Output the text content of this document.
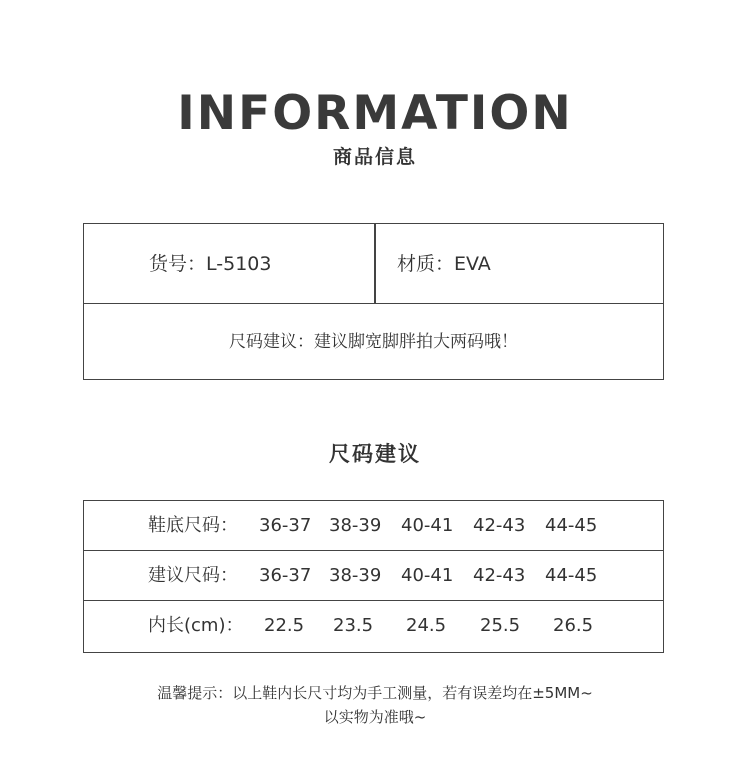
INFORMATION
商品信息
货号：L-5103	材质：EVA
尺码建议：建议脚宽脚胖拍大两码哦！
尺码建议
鞋底尺码： 36-37 38-39 40-41 42-43 44-45
建议尺码： 36-37 38-39 40-41 42-43 44-45
内长(cm)： 22.5 23.5 24.5 25.5 26.5
温馨提示：以上鞋内长尺寸均为手工测量，若有误差均在±5MM~
以实物为准哦~
